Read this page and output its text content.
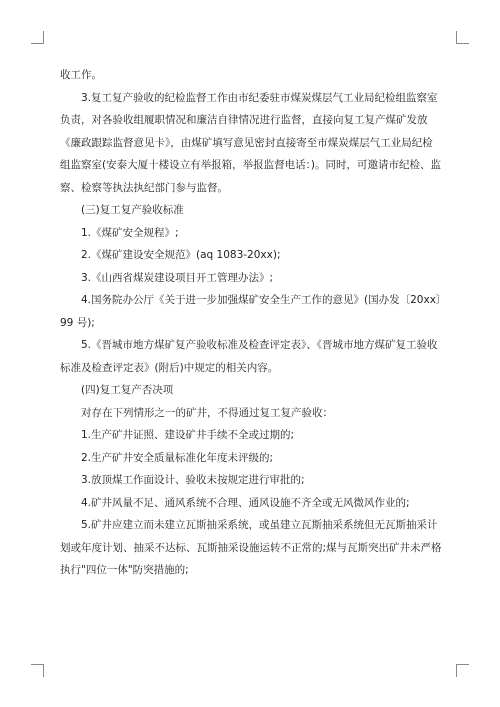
收工作。

3.复工复产验收的纪检监督工作由市纪委驻市煤炭煤层气工业局纪检组监察室负责，对各验收组履职情况和廉洁自律情况进行监督，直接向复工复产煤矿发放《廉政跟踪监督意见卡》，由煤矿填写意见密封直接寄至市煤炭煤层气工业局纪检组监察室(安泰大厦十楼设立有举报箱，举报监督电话：)。同时，可邀请市纪检、监察、检察等执法执纪部门参与监督。

(三)复工复产验收标准

1.《煤矿安全规程》;

2.《煤矿建设安全规范》(aq 1083-20xx);

3.《山西省煤炭建设项目开工管理办法》;

4.国务院办公厅《关于进一步加强煤矿安全生产工作的意见》(国办发〔20xx〕99 号);

5.《晋城市地方煤矿复产验收标准及检查评定表》、《晋城市地方煤矿复工验收标准及检查评定表》(附后)中规定的相关内容。

(四)复工复产否决项

对存在下列情形之一的矿井，不得通过复工复产验收：

1.生产矿井证照、建设矿井手续不全或过期的;

2.生产矿井安全质量标准化年度未评级的;

3.放顶煤工作面设计、验收未按规定进行审批的;

4.矿井风量不足、通风系统不合理、通风设施不齐全或无风微风作业的;

5.矿井应建立而未建立瓦斯抽采系统，或虽建立瓦斯抽采系统但无瓦斯抽采计划或年度计划、抽采不达标、瓦斯抽采设施运转不正常的;煤与瓦斯突出矿井未严格执行"四位一体"防突措施的;
